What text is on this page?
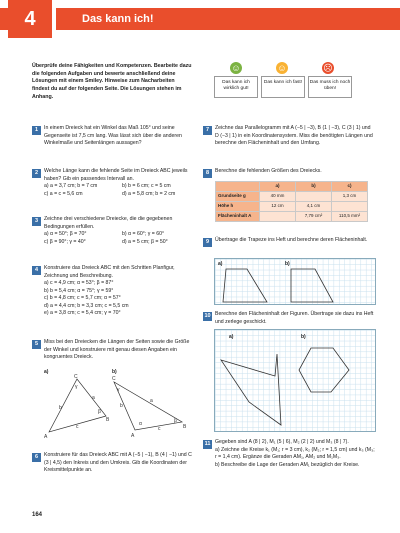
4	Das kann ich!
Überprüfe deine Fähigkeiten und Kompetenzen. Bearbeite dazu die folgenden Aufgaben und bewerte anschließend deine Lösungen mit einem Smiley. Hinweise zum Nacharbeiten findest du auf der folgenden Seite. Die Lösungen stehen im Anhang.
☺	☺	☹
Das kann ich wirklich gut!
Das kann ich fast!	Das muss ich noch üben!
1	In einem Dreieck hat ein Winkel das Maß 105° und seine Gegenseite ist 7,5 cm lang. Was lässt sich über die anderen Winkelmaße und Seitenlängen aussagen?
2	Welche Länge kann die fehlende Seite im Dreieck ABC jeweils haben? Gib ein passendes Intervall an.
a) a = 3,7 cm; b = 7 cm	b) b = 6 cm; c = 5 cm
c) a = c = 5,6 cm	d) a = 5,8 cm; b = 2 cm
3	Zeichne drei verschiedene Dreiecke, die die gegebenen Bedingungen erfüllen.
a) α = 50°; β = 70°	b) α = 60°; γ = 60°
c) β = 90°; γ = 40°	d) a = 5 cm; β = 50°
4	Konstruiere das Dreieck ABC mit den Schritten Planfigur, Zeichnung und Beschreibung.
a) c = 4,9 cm; α = 53°; β = 87°
b) b = 5,4 cm; α = 75°; γ = 59°
c) b = 4,8 cm; c = 5,7 cm; α = 57°
d) a = 4,4 cm; b = 3,3 cm; c = 5,5 cm
e) a = 3,8 cm; c = 5,4 cm; γ = 70°
5	Miss bei den Dreiecken die Längen der Seiten sowie die Größe der Winkel und konstruiere mit genau diesen Angaben ein kongruentes Dreieck.
a)	b)
A
B
C
b
a
c
β
γ
A
B
C
b
a
c
α	β
γ
6	Konstruiere für das Dreieck ABC mit A (−5 | −1), B (4 | −1) und C (3 | 4,5) den Inkreis und den Umkreis. Gib die Koordinaten der Kreismittelpunkte an.
7	Zeichne das Parallelogramm mit A (−5 | −3), B (1 | −3), C (3 | 1) und D (−3 | 1) in ein Koordinatensystem. Miss die benötigten Längen und berechne den Flächeninhalt und den Umfang.
8	Berechne die fehlenden Größen des Dreiecks.
	a)	b)	c)
Grundseite g	40 mm		1,3 cm
Höhe h	12 cm	4,1 cm	
Flächeninhalt A		7,79 cm²	110,5 mm²
9	Übertrage die Trapeze ins Heft und berechne deren Flächeninhalt.
a)	b)
10 Berechne den Flächeninhalt der Figuren. Übertrage sie dazu ins Heft und zerlege geschickt.
a)	b)
11 Gegeben sind A (8 | 2), M₁ (5 | 6), M₂ (2 | 2) und M₃ (8 | 7).
a) Zeichne die Kreise k₁ (M₁; r = 3 cm), k₂ (M₂; r = 1,5 cm) und k₃ (M₃; r = 1,4 cm). Ergänze die Geraden AM₁, AM₂ und M₁M₃.
b) Beschreibe die Lage der Geraden AM₁ bezüglich der Kreise.
164
